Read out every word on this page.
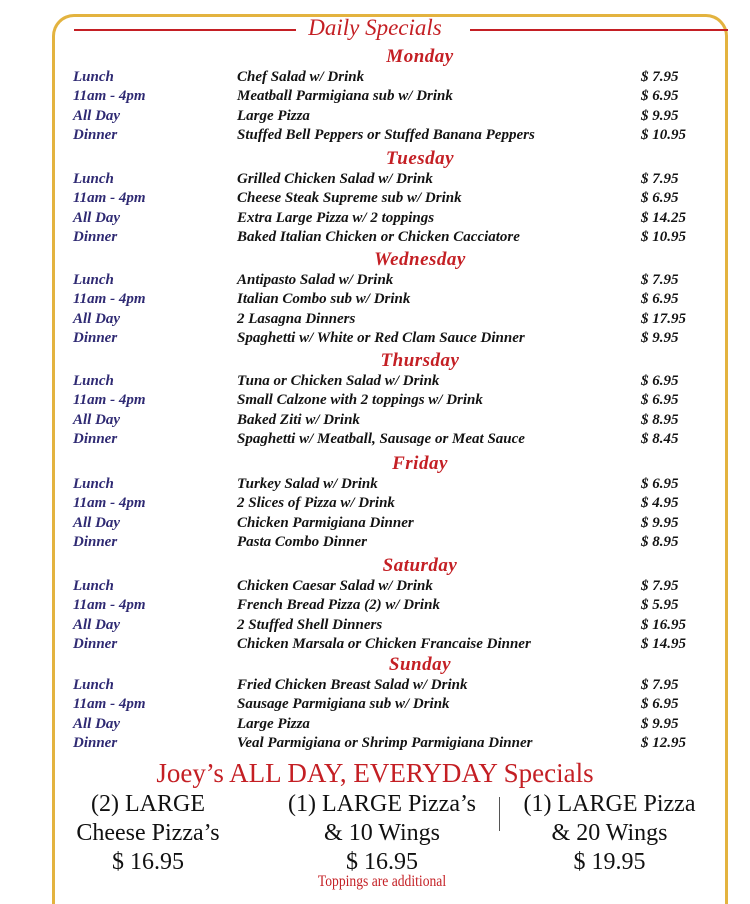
Daily Specials
Monday
Lunch	Chef Salad w/ Drink	$ 7.95
11am - 4pm	Meatball Parmigiana sub w/ Drink	$ 6.95
All Day	Large Pizza	$ 9.95
Dinner	Stuffed Bell Peppers or Stuffed Banana Peppers	$ 10.95
Tuesday
Lunch	Grilled Chicken Salad w/ Drink	$ 7.95
11am - 4pm	Cheese Steak Supreme sub w/ Drink	$ 6.95
All Day	Extra Large Pizza w/ 2 toppings	$ 14.25
Dinner	Baked Italian Chicken or Chicken Cacciatore	$ 10.95
Wednesday
Lunch	Antipasto Salad w/ Drink	$ 7.95
11am - 4pm	Italian Combo sub w/ Drink	$ 6.95
All Day	2 Lasagna Dinners	$ 17.95
Dinner	Spaghetti w/ White or Red Clam Sauce Dinner	$ 9.95
Thursday
Lunch	Tuna or Chicken Salad w/ Drink	$ 6.95
11am - 4pm	Small Calzone with 2 toppings w/ Drink	$ 6.95
All Day	Baked Ziti w/ Drink	$ 8.95
Dinner	Spaghetti w/ Meatball, Sausage or Meat Sauce	$ 8.45
Friday
Lunch	Turkey Salad w/ Drink	$ 6.95
11am - 4pm	2 Slices of Pizza w/ Drink	$ 4.95
All Day	Chicken Parmigiana Dinner	$ 9.95
Dinner	Pasta Combo Dinner	$ 8.95
Saturday
Lunch	Chicken Caesar Salad w/ Drink	$ 7.95
11am - 4pm	French Bread Pizza (2) w/ Drink	$ 5.95
All Day	2 Stuffed Shell Dinners	$ 16.95
Dinner	Chicken Marsala or Chicken Francaise Dinner	$ 14.95
Sunday
Lunch	Fried Chicken Breast Salad w/ Drink	$ 7.95
11am - 4pm	Sausage Parmigiana sub w/ Drink	$ 6.95
All Day	Large Pizza	$ 9.95
Dinner	Veal Parmigiana or Shrimp Parmigiana Dinner	$ 12.95
Joey’s ALL DAY, EVERYDAY Specials
(2) LARGE
Cheese Pizza’s
$ 16.95
(1) LARGE Pizza’s
& 10 Wings
$ 16.95
(1) LARGE Pizza
& 20 Wings
$ 19.95
Toppings are additional
